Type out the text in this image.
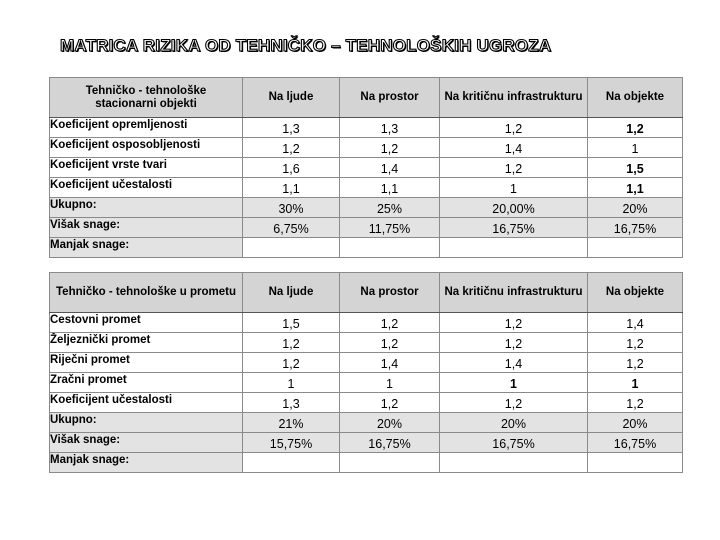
MATRICA RIZIKA OD TEHNIČKO – TEHNOLOŠKIH UGROZA
Tehničko - tehnološke stacionarni objekti	Na ljude	Na prostor	Na kritičnu infrastrukturu	Na objekte
Koeficijent opremljenosti	1,3	1,3	1,2	1,2
Koeficijent osposobljenosti	1,2	1,2	1,4	1
Koeficijent vrste tvari	1,6	1,4	1,2	1,5
Koeficijent učestalosti	1,1	1,1	1	1,1
Ukupno:	30%	25%	20,00%	20%
Višak snage:	6,75%	11,75%	16,75%	16,75%
Manjak snage:				
Tehničko - tehnološke u prometu	Na ljude	Na prostor	Na kritičnu infrastrukturu	Na objekte
Cestovni promet	1,5	1,2	1,2	1,4
Željeznički promet	1,2	1,2	1,2	1,2
Riječni promet	1,2	1,4	1,4	1,2
Zračni promet	1	1	1	1
Koeficijent učestalosti	1,3	1,2	1,2	1,2
Ukupno:	21%	20%	20%	20%
Višak snage:	15,75%	16,75%	16,75%	16,75%
Manjak snage:				
